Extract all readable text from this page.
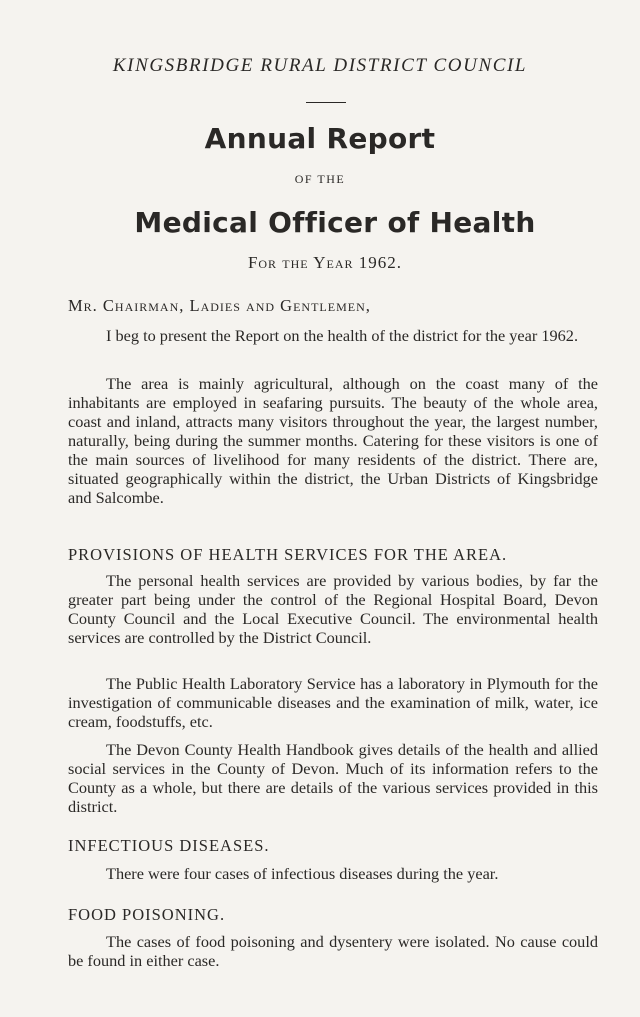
KINGSBRIDGE RURAL DISTRICT COUNCIL
Annual Report
OF THE
Medical Officer of Health
For the Year 1962.
Mr. Chairman, Ladies and Gentlemen,
I beg to present the Report on the health of the district for the year 1962.
The area is mainly agricultural, although on the coast many of the inhabitants are employed in seafaring pursuits. The beauty of the whole area, coast and inland, attracts many visitors throughout the year, the largest number, naturally, being during the summer months. Catering for these visitors is one of the main sources of livelihood for many residents of the district. There are, situated geographically within the district, the Urban Districts of Kingsbridge and Salcombe.
PROVISIONS OF HEALTH SERVICES FOR THE AREA.
The personal health services are provided by various bodies, by far the greater part being under the control of the Regional Hospital Board, Devon County Council and the Local Executive Council. The environmental health services are controlled by the District Council.
The Public Health Laboratory Service has a laboratory in Plymouth for the investigation of communicable diseases and the examination of milk, water, ice cream, foodstuffs, etc.
The Devon County Health Handbook gives details of the health and allied social services in the County of Devon. Much of its information refers to the County as a whole, but there are details of the various services provided in this district.
INFECTIOUS DISEASES.
There were four cases of infectious diseases during the year.
FOOD POISONING.
The cases of food poisoning and dysentery were isolated. No cause could be found in either case.
